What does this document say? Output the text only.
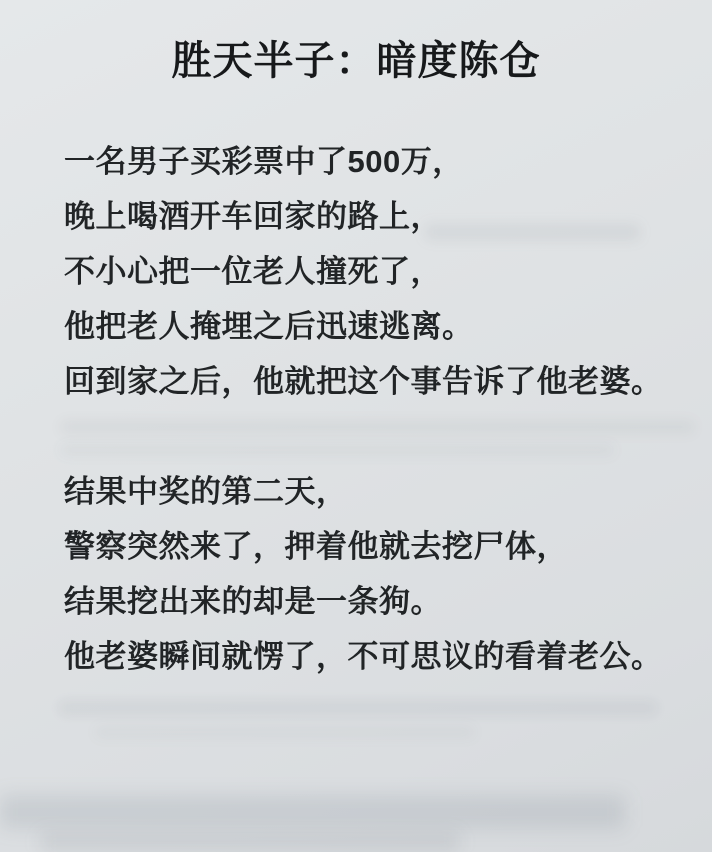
胜天半子：暗度陈仓

一名男子买彩票中了500万，

晚上喝酒开车回家的路上，

不小心把一位老人撞死了，

他把老人掩埋之后迅速逃离。

回到家之后，他就把这个事告诉了他老婆。

结果中奖的第二天，

警察突然来了，押着他就去挖尸体，

结果挖出来的却是一条狗。

他老婆瞬间就愣了，不可思议的看着老公。
